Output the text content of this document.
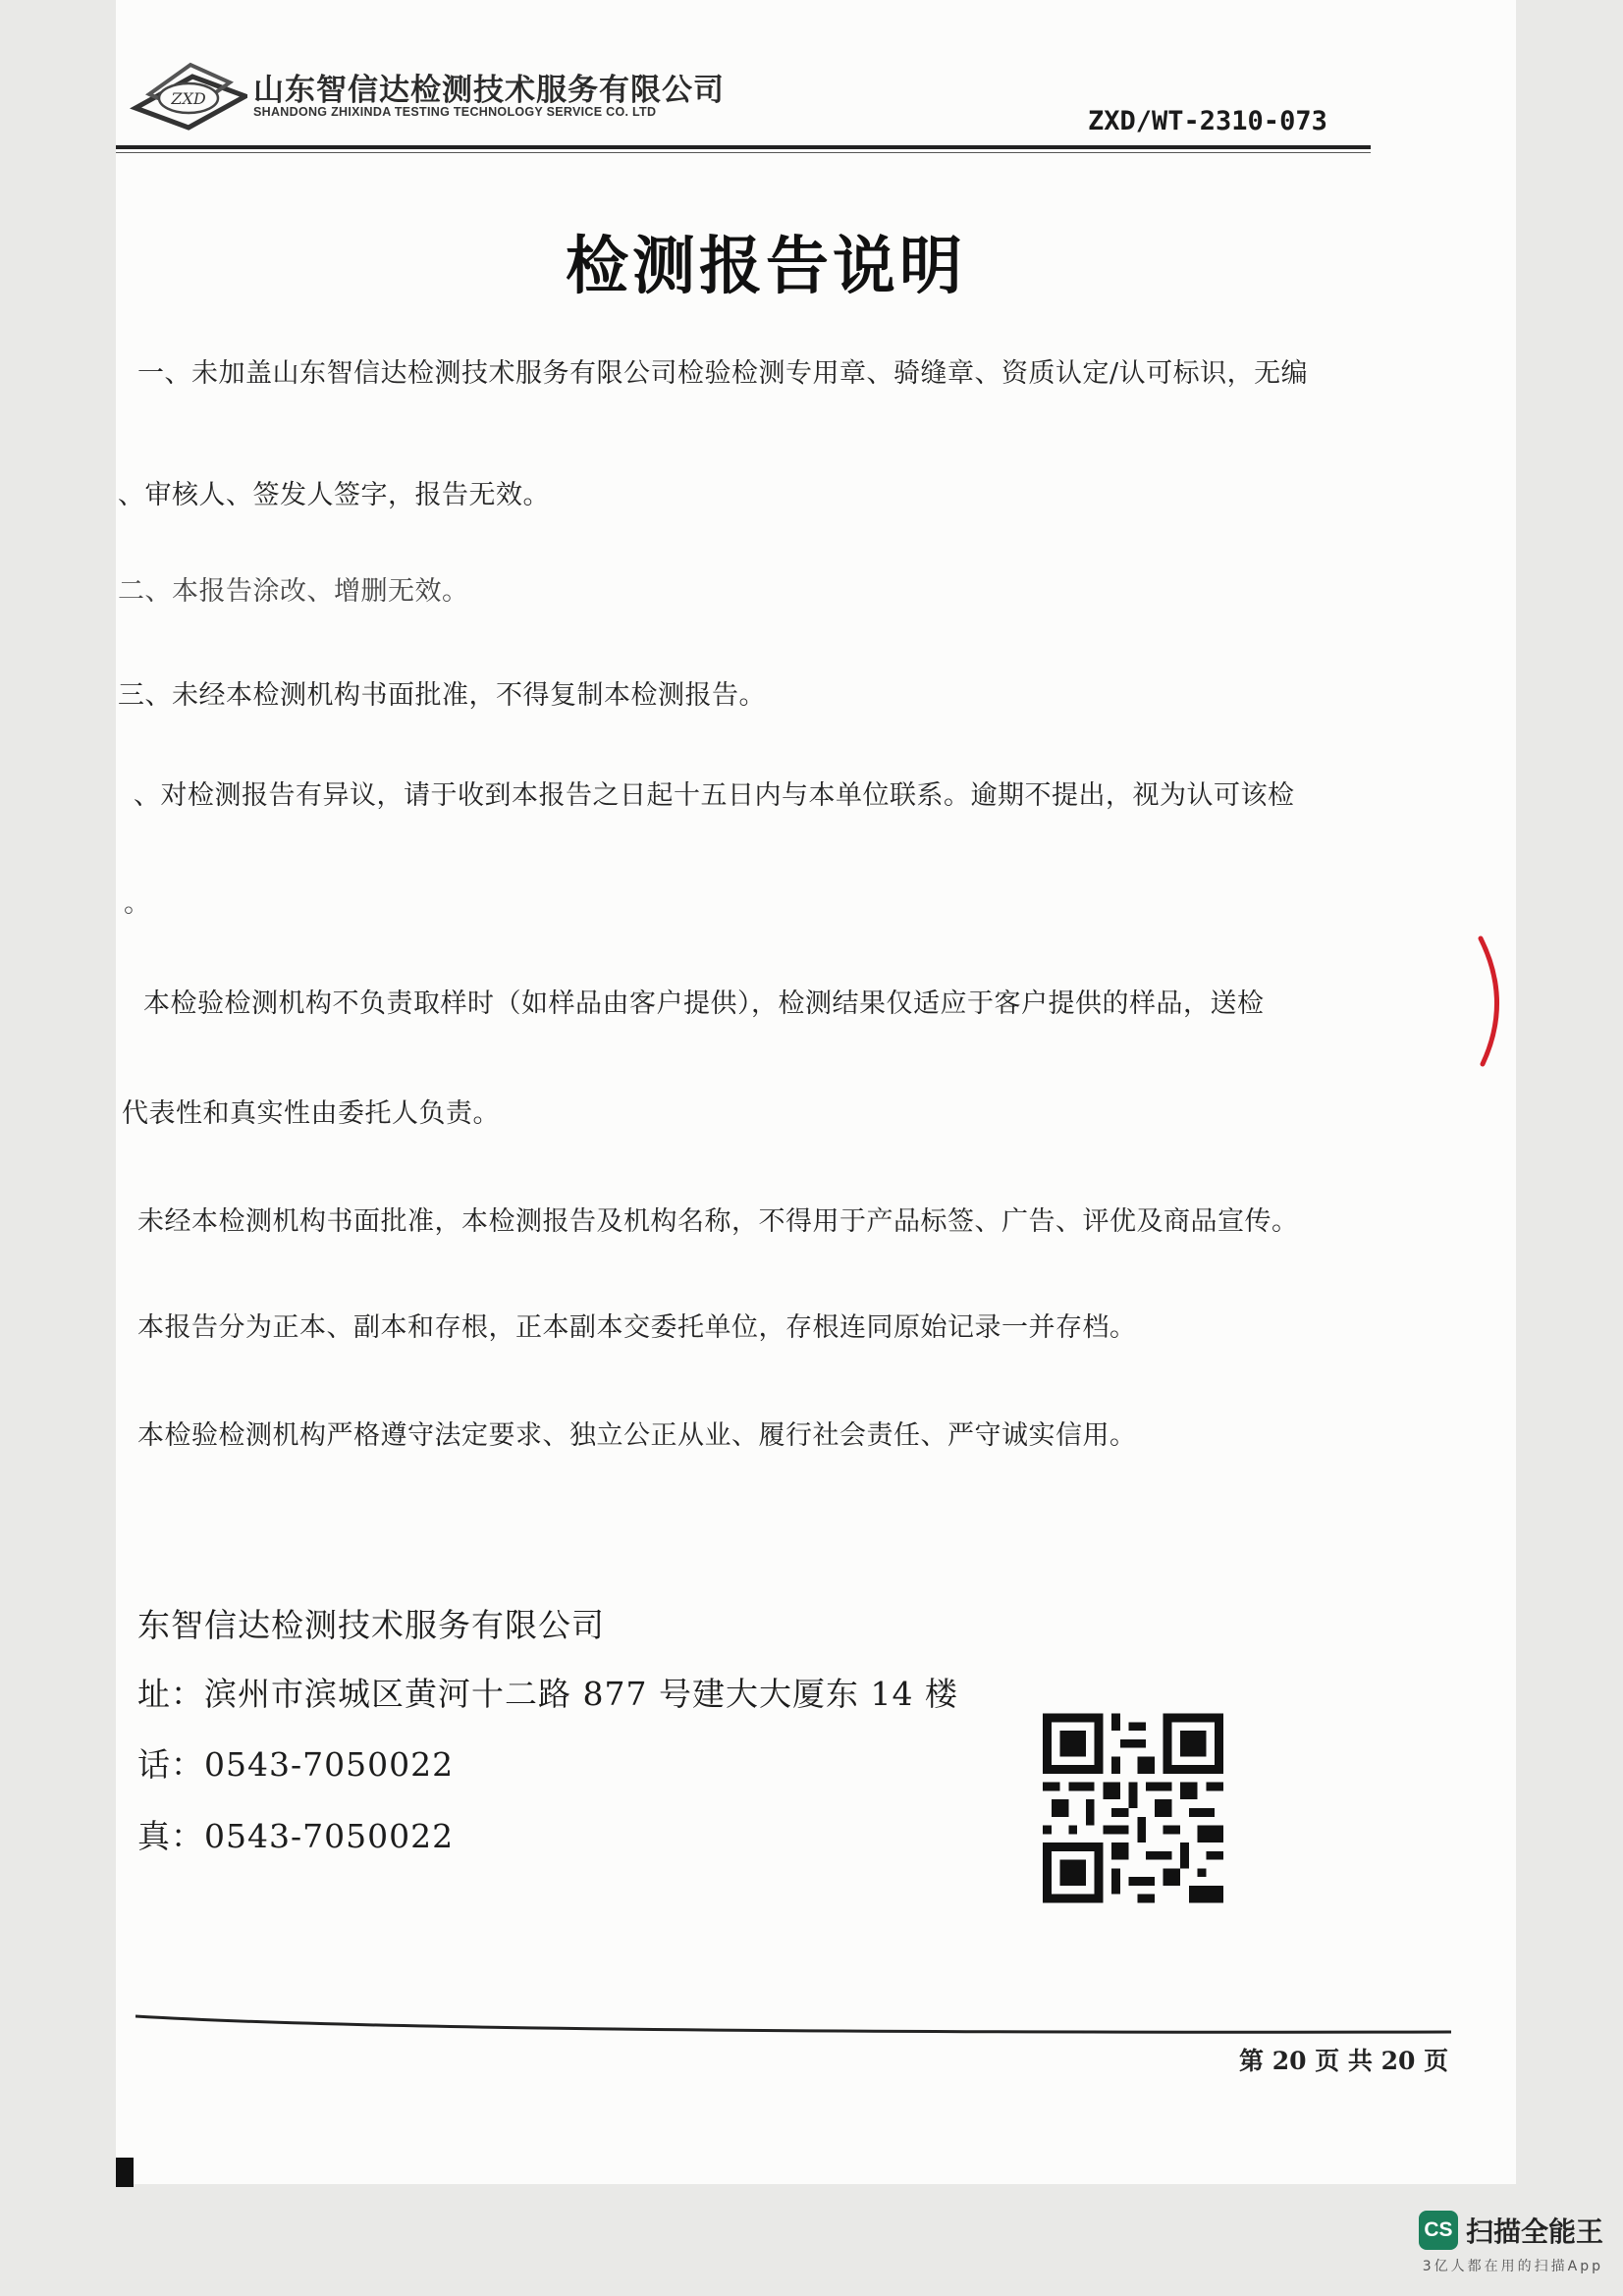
ZXD 山东智信达检测技术服务有限公司
SHANDONG ZHIXINDA TESTING TECHNOLOGY SERVICE CO. LTD	ZXD/WT-2310-073
检测报告说明
一、未加盖山东智信达检测技术服务有限公司检验检测专用章、骑缝章、资质认定/认可标识，无编
、审核人、签发人签字，报告无效。
二、本报告涂改、增删无效。
三、未经本检测机构书面批准，不得复制本检测报告。
、对检测报告有异议，请于收到本报告之日起十五日内与本单位联系。逾期不提出，视为认可该检
。
本检验检测机构不负责取样时（如样品由客户提供），检测结果仅适应于客户提供的样品，送检
代表性和真实性由委托人负责。
未经本检测机构书面批准，本检测报告及机构名称，不得用于产品标签、广告、评优及商品宣传。
本报告分为正本、副本和存根，正本副本交委托单位，存根连同原始记录一并存档。
本检验检测机构严格遵守法定要求、独立公正从业、履行社会责任、严守诚实信用。
东智信达检测技术服务有限公司
址：滨州市滨城区黄河十二路 877 号建大大厦东 14 楼
话：0543-7050022
真：0543-7050022
第 20 页 共 20 页
CS 扫描全能王
3亿人都在用的扫描App
